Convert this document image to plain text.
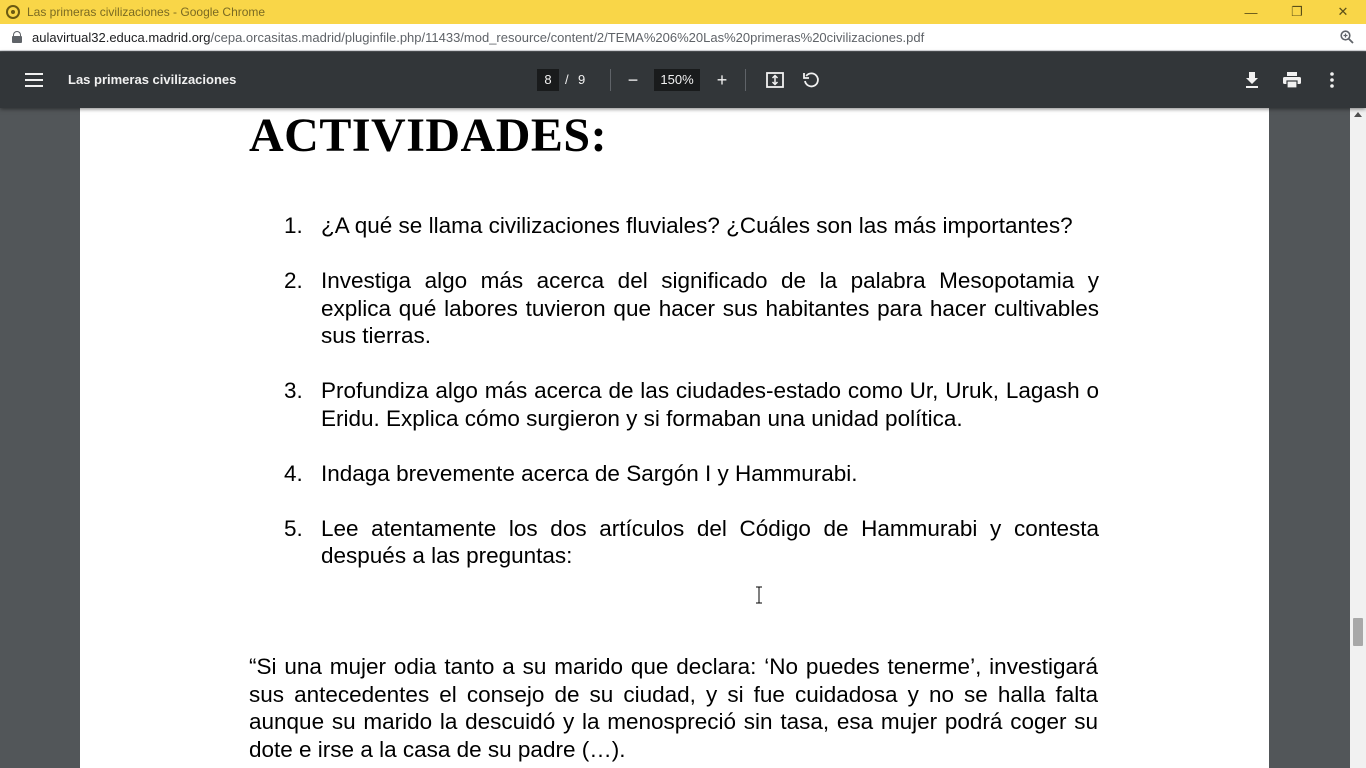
Las primeras civilizaciones - Google Chrome	—	❐	✕
aulavirtual32.educa.madrid.org/cepa.orcasitas.madrid/pluginfile.php/11433/mod_resource/content/2/TEMA%206%20Las%20primeras%20civilizaciones.pdf
Las primeras civilizaciones	8	/ 9	−	150%	+
ACTIVIDADES:
1. ¿A qué se llama civilizaciones fluviales? ¿Cuáles son las más importantes?
2. Investiga algo más acerca del significado de la palabra Mesopotamia y explica qué labores tuvieron que hacer sus habitantes para hacer cultivables sus tierras.
3. Profundiza algo más acerca de las ciudades-estado como Ur, Uruk, Lagash o Eridu. Explica cómo surgieron y si formaban una unidad política.
4. Indaga brevemente acerca de Sargón I y Hammurabi.
5. Lee atentamente los dos artículos del Código de Hammurabi y contesta después a las preguntas:

“Si una mujer odia tanto a su marido que declara: ‘No puedes tenerme’, investigará sus antecedentes el consejo de su ciudad, y si fue cuidadosa y no se halla falta aunque su marido la descuidó y la menospreció sin tasa, esa mujer podrá coger su dote e irse a la casa de su padre (…).
